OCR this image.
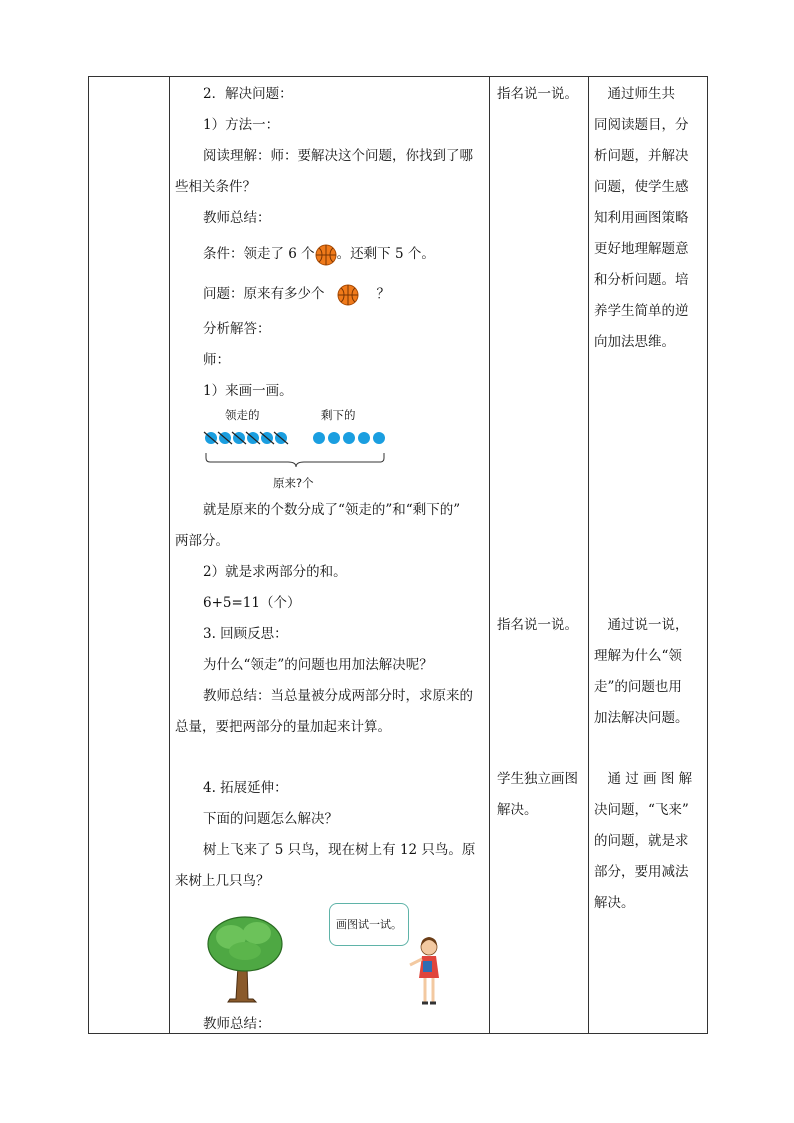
2．解决问题：
1）方法一：
阅读理解：师：要解决这个问题，你找到了哪
些相关条件？
教师总结：
条件：领走了 6 个 。还剩下 5 个。
问题：原来有多少个	？
分析解答：
师：
1）来画一画。
领走的	剩下的
原来?个
就是原来的个数分成了“领走的”和“剩下的”
两部分。
2）就是求两部分的和。
6+5=11（个）
3. 回顾反思：
为什么“领走”的问题也用加法解决呢？
教师总结：当总量被分成两部分时，求原来的
总量，要把两部分的量加起来计算。
4. 拓展延伸：
下面的问题怎么解决？
树上飞来了 5 只鸟，现在树上有 12 只鸟。原
来树上几只鸟？
画图试一试。
教师总结：
指名说一说。
指名说一说。
学生独立画图
解决。
　通过师生共
同阅读题目，分
析问题，并解决
问题，使学生感
知利用画图策略
更好地理解题意
和分析问题。培
养学生简单的逆
向加法思维。
　通过说一说，
理解为什么“领
走”的问题也用
加法解决问题。
　通 过 画 图 解
决问题，“飞来”
的问题，就是求
部分，要用减法
解决。
